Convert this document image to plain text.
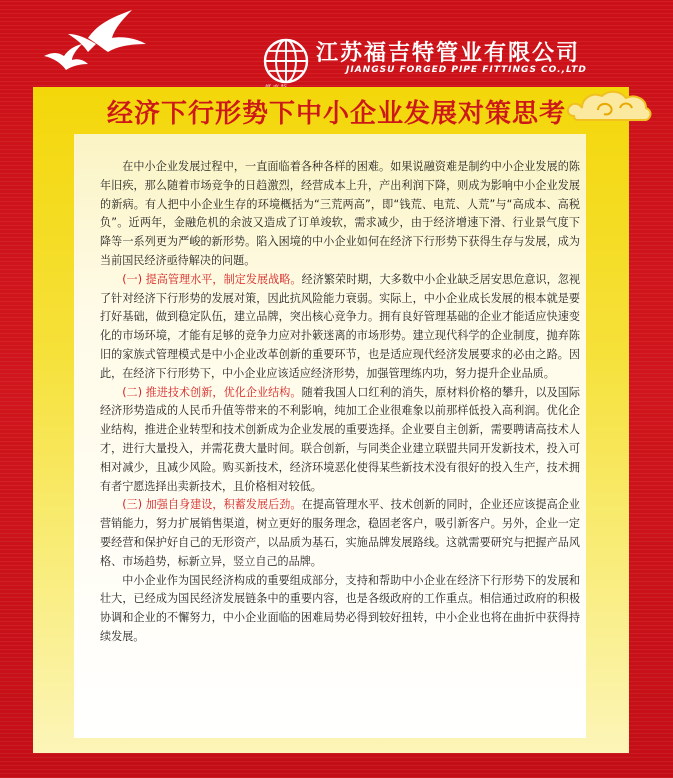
江苏福吉特管业有限公司
JIANGSU FORGED PIPE FITTINGS CO.,LTD
经济下行形势下中小企业发展对策思考

在中小企业发展过程中，一直面临着各种各样的困难。如果说融资难是制约中小企业发展的陈年旧疾，那么随着市场竞争的日趋激烈，经营成本上升，产出利润下降，则成为影响中小企业发展的新病。有人把中小企业生存的环境概括为“三荒两高”，即“钱荒、电荒、人荒”与“高成本、高税负”。近两年，金融危机的余波又造成了订单竣软，需求减少，由于经济增速下滑、行业景气度下降等一系列更为严峻的新形势。陷入困境的中小企业如何在经济下行形势下获得生存与发展，成为当前国民经济亟待解决的问题。

(一) 提高管理水平，制定发展战略。经济繁荣时期，大多数中小企业缺乏居安思危意识，忽视了针对经济下行形势的发展对策，因此抗风险能力衰弱。实际上，中小企业成长发展的根本就是要打好基础，做到稳定队伍，建立品牌，突出核心竞争力。拥有良好管理基础的企业才能适应快速变化的市场环境，才能有足够的竞争力应对扑簌迷离的市场形势。建立现代科学的企业制度，抛弃陈旧的家族式管理模式是中小企业改革创新的重要环节，也是适应现代经济发展要求的必由之路。因此，在经济下行形势下，中小企业应该适应经济形势，加强管理练内功，努力提升企业品质。

(二) 推进技术创新，优化企业结构。随着我国人口红利的消失，原材料价格的攀升，以及国际经济形势造成的人民币升值等带来的不利影响，纯加工企业很难象以前那样低投入高利润。优化企业结构，推进企业转型和技术创新成为企业发展的重要选择。企业要自主创新，需要聘请高技术人才，进行大量投入，并需花费大量时间。联合创新，与同类企业建立联盟共同开发新技术，投入可相对减少，且减少风险。购买新技术，经济环境恶化使得某些新技术没有很好的投入生产，技术拥有者宁愿选择出卖新技术，且价格相对较低。

(三) 加强自身建设，积蓄发展后劲。在提高管理水平、技术创新的同时，企业还应该提高企业营销能力，努力扩展销售渠道，树立更好的服务理念，稳固老客户，吸引新客户。另外，企业一定要经营和保护好自己的无形资产，以品质为基石，实施品牌发展路线。这就需要研究与把握产品风格、市场趋势，标新立异，竖立自己的品牌。

中小企业作为国民经济构成的重要组成部分，支持和帮助中小企业在经济下行形势下的发展和壮大，已经成为国民经济发展链条中的重要内容，也是各级政府的工作重点。相信通过政府的积极协调和企业的不懈努力，中小企业面临的困难局势必得到较好扭转，中小企业也将在曲折中获得持续发展。
